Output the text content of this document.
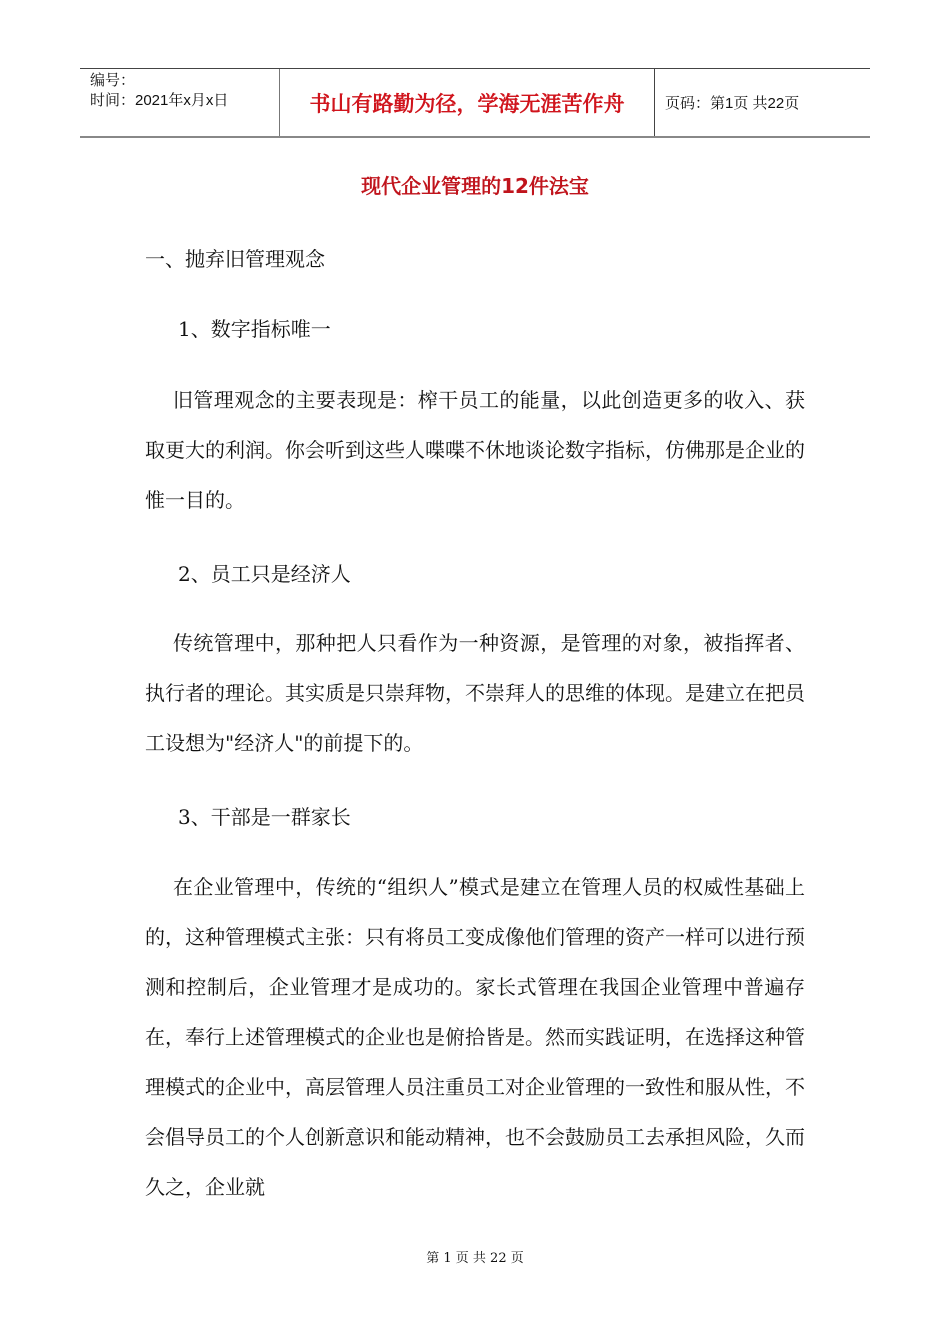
编号：
时间：2021年x月x日	书山有路勤为径，学海无涯苦作舟	页码：第1页 共22页
现代企业管理的12件法宝
一、抛弃旧管理观念
1、数字指标唯一
旧管理观念的主要表现是：榨干员工的能量，以此创造更多的收入、获取更大的利润。你会听到这些人喋喋不休地谈论数字指标，仿佛那是企业的惟一目的。
2、员工只是经济人
传统管理中，那种把人只看作为一种资源，是管理的对象，被指挥者、执行者的理论。其实质是只崇拜物，不崇拜人的思维的体现。是建立在把员工设想为"经济人"的前提下的。
3、干部是一群家长
在企业管理中，传统的“组织人”模式是建立在管理人员的权威性基础上的，这种管理模式主张：只有将员工变成像他们管理的资产一样可以进行预测和控制后，企业管理才是成功的。家长式管理在我国企业管理中普遍存在，奉行上述管理模式的企业也是俯拾皆是。然而实践证明，在选择这种管理模式的企业中，高层管理人员注重员工对企业管理的一致性和服从性，不会倡导员工的个人创新意识和能动精神，也不会鼓励员工去承担风险，久而久之，企业就
第 1 页 共 22 页
